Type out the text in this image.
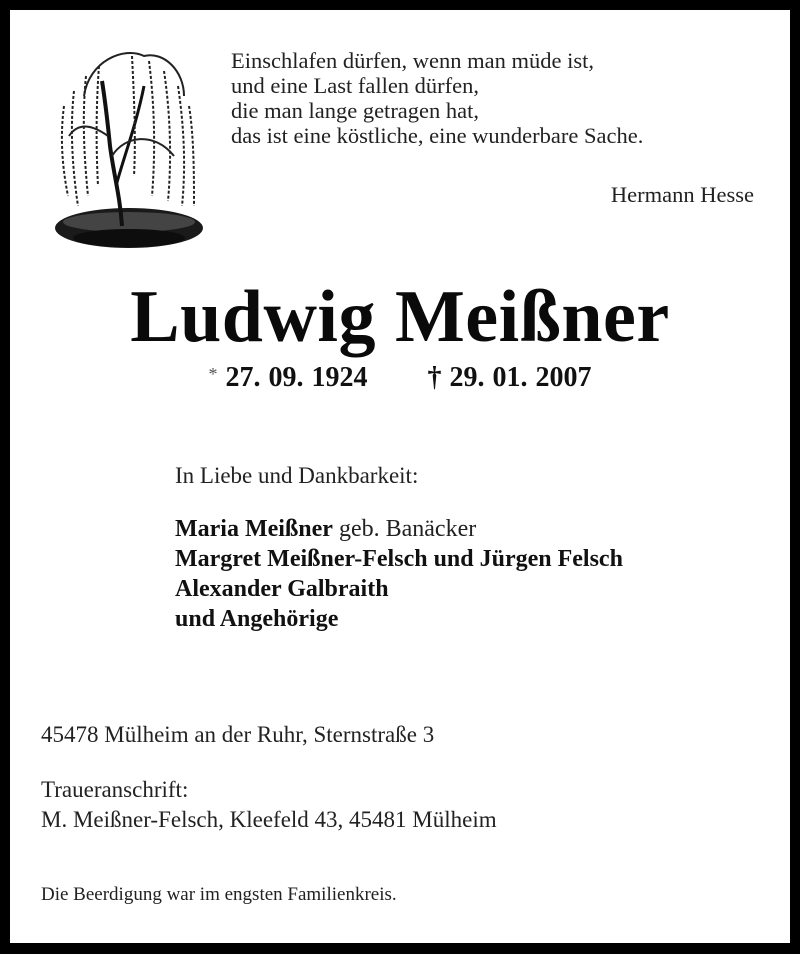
Einschlafen dürfen, wenn man müde ist,
und eine Last fallen dürfen,
die man lange getragen hat,
das ist eine köstliche, eine wunderbare Sache.
Hermann Hesse
Ludwig Meißner
* 27. 09. 1924 † 29. 01. 2007
In Liebe und Dankbarkeit:
Maria Meißner geb. Banäcker
Margret Meißner-Felsch und Jürgen Felsch
Alexander Galbraith
und Angehörige
45478 Mülheim an der Ruhr, Sternstraße 3
Traueranschrift:
M. Meißner-Felsch, Kleefeld 43, 45481 Mülheim
Die Beerdigung war im engsten Familienkreis.
